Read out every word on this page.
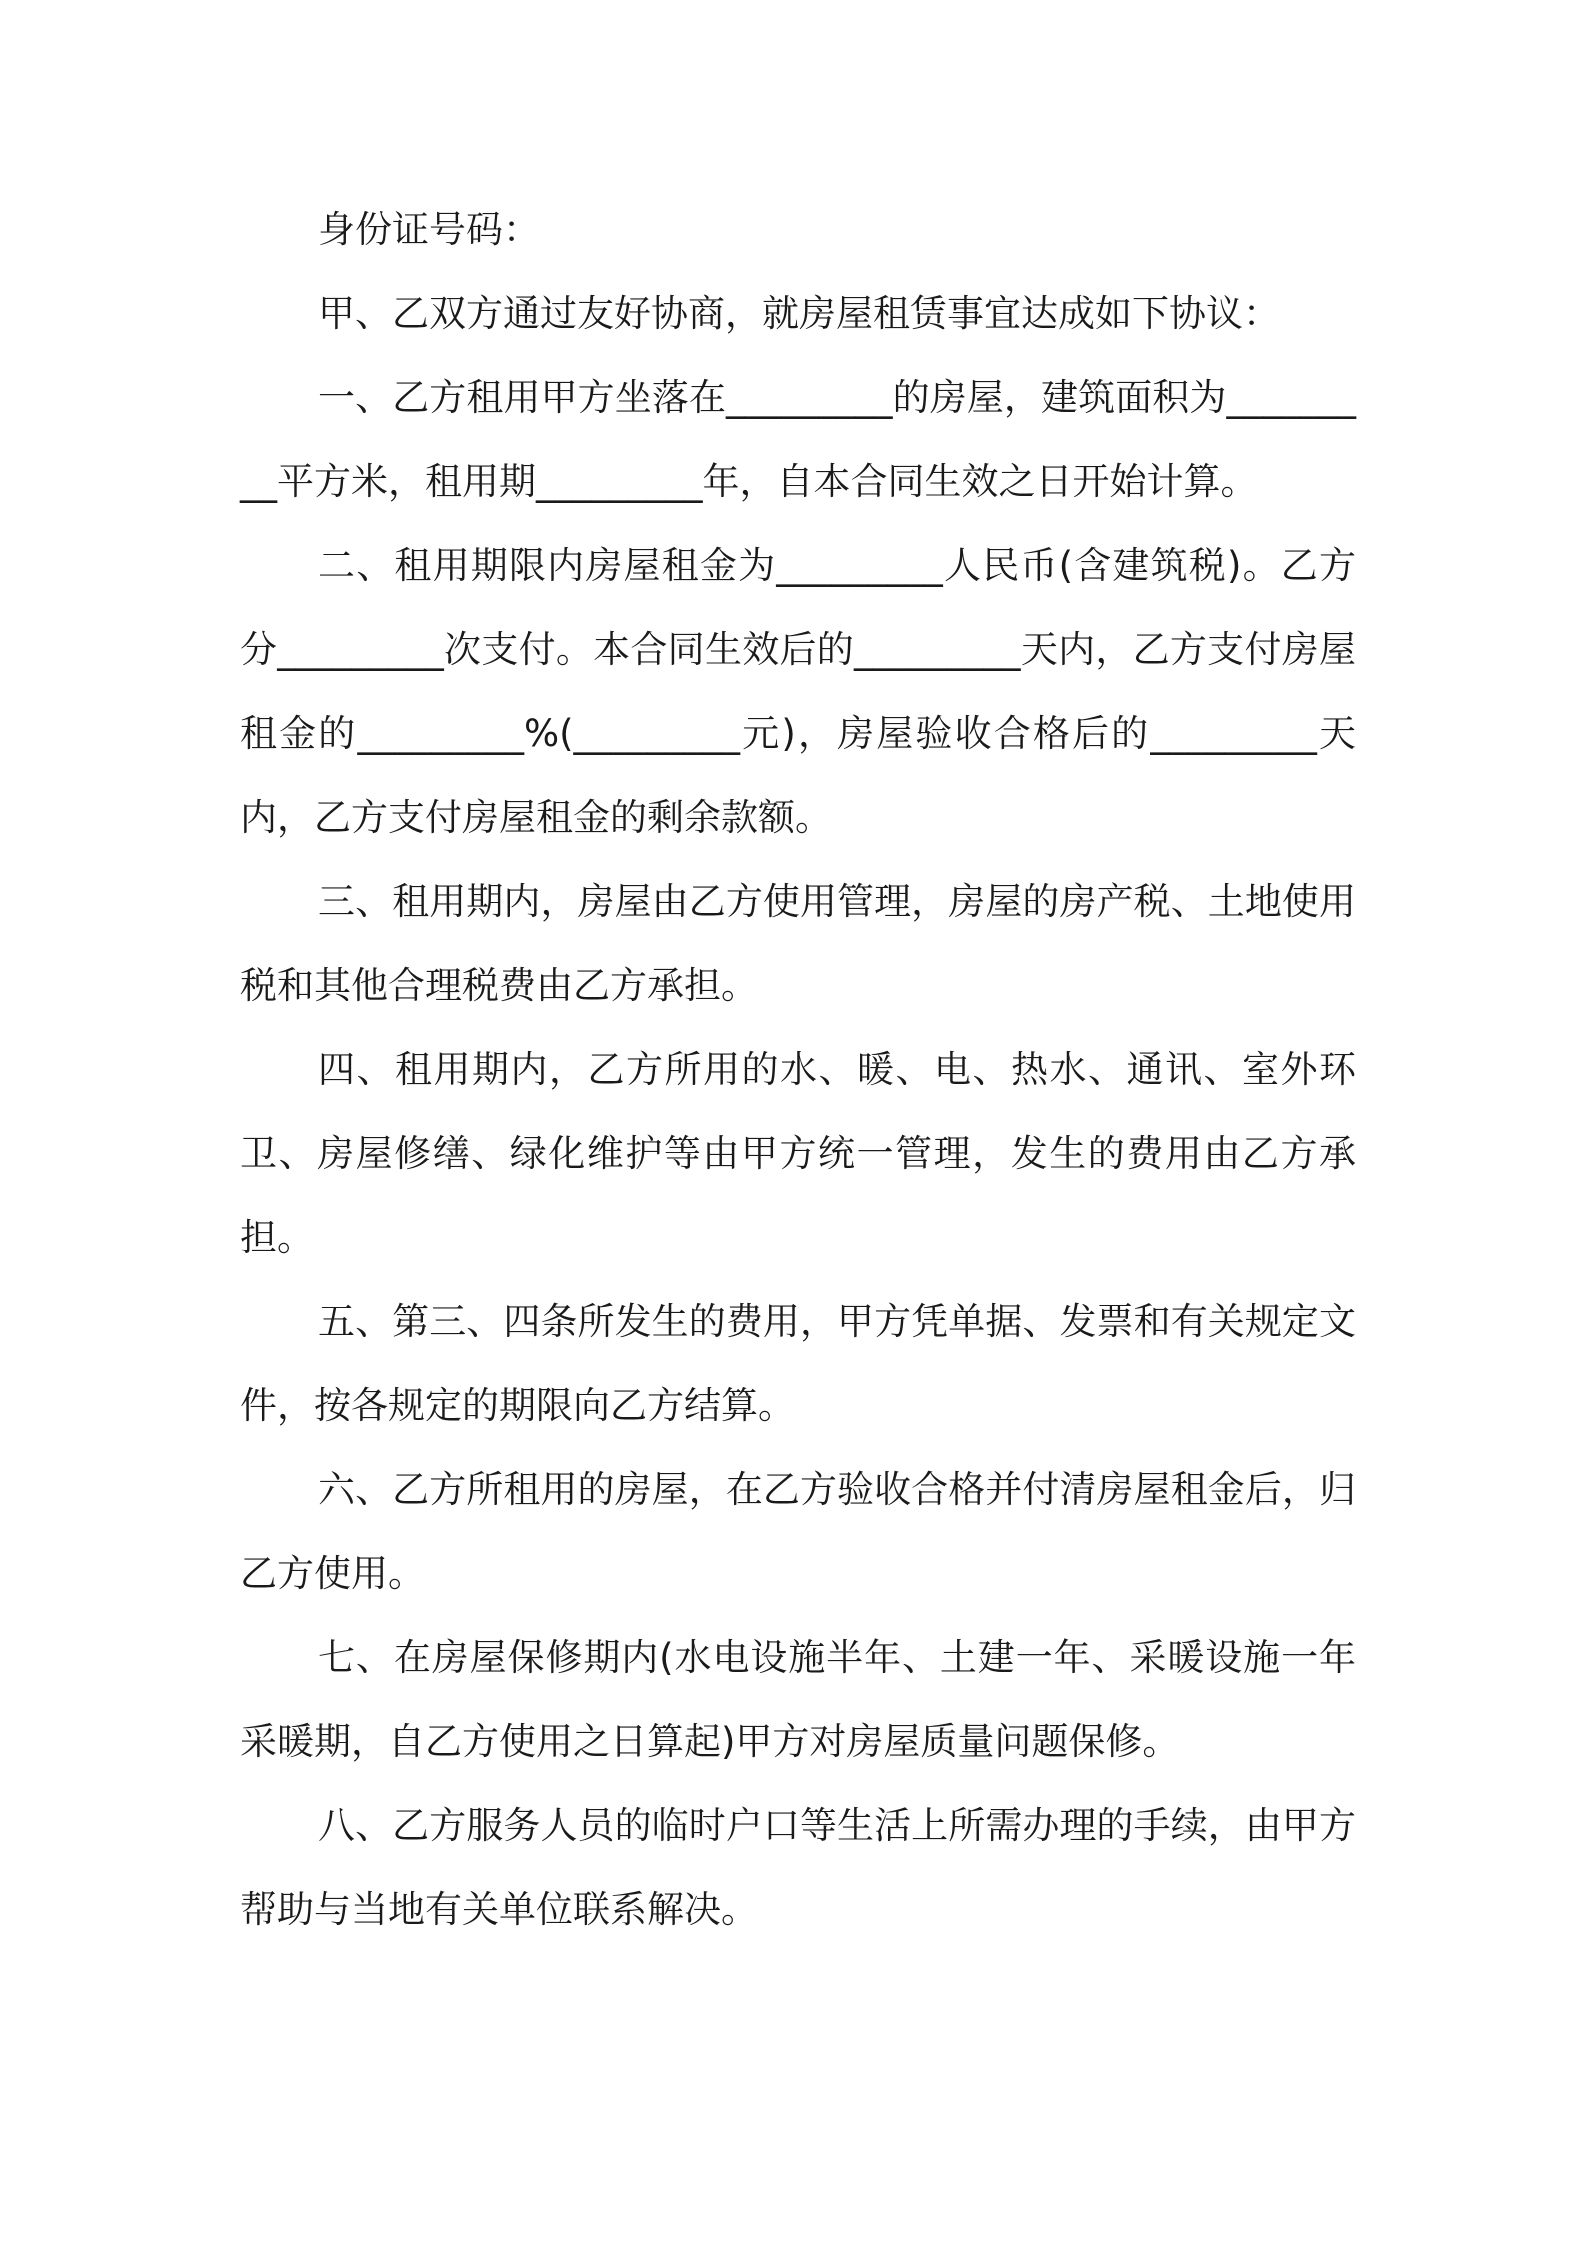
身份证号码：

甲、乙双方通过友好协商，就房屋租赁事宜达成如下协议：

一、乙方租用甲方坐落在_________的房屋，建筑面积为_________平方米，租用期_________年，自本合同生效之日开始计算。

二、租用期限内房屋租金为_________人民币(含建筑税)。乙方分_________次支付。本合同生效后的_________天内，乙方支付房屋租金的_________%(_________元)，房屋验收合格后的_________天内，乙方支付房屋租金的剩余款额。

三、租用期内，房屋由乙方使用管理，房屋的房产税、土地使用税和其他合理税费由乙方承担。

四、租用期内，乙方所用的水、暖、电、热水、通讯、室外环卫、房屋修缮、绿化维护等由甲方统一管理，发生的费用由乙方承担。

五、第三、四条所发生的费用，甲方凭单据、发票和有关规定文件，按各规定的期限向乙方结算。

六、乙方所租用的房屋，在乙方验收合格并付清房屋租金后，归乙方使用。

七、在房屋保修期内(水电设施半年、土建一年、采暖设施一年采暖期，自乙方使用之日算起)甲方对房屋质量问题保修。

八、乙方服务人员的临时户口等生活上所需办理的手续，由甲方帮助与当地有关单位联系解决。
